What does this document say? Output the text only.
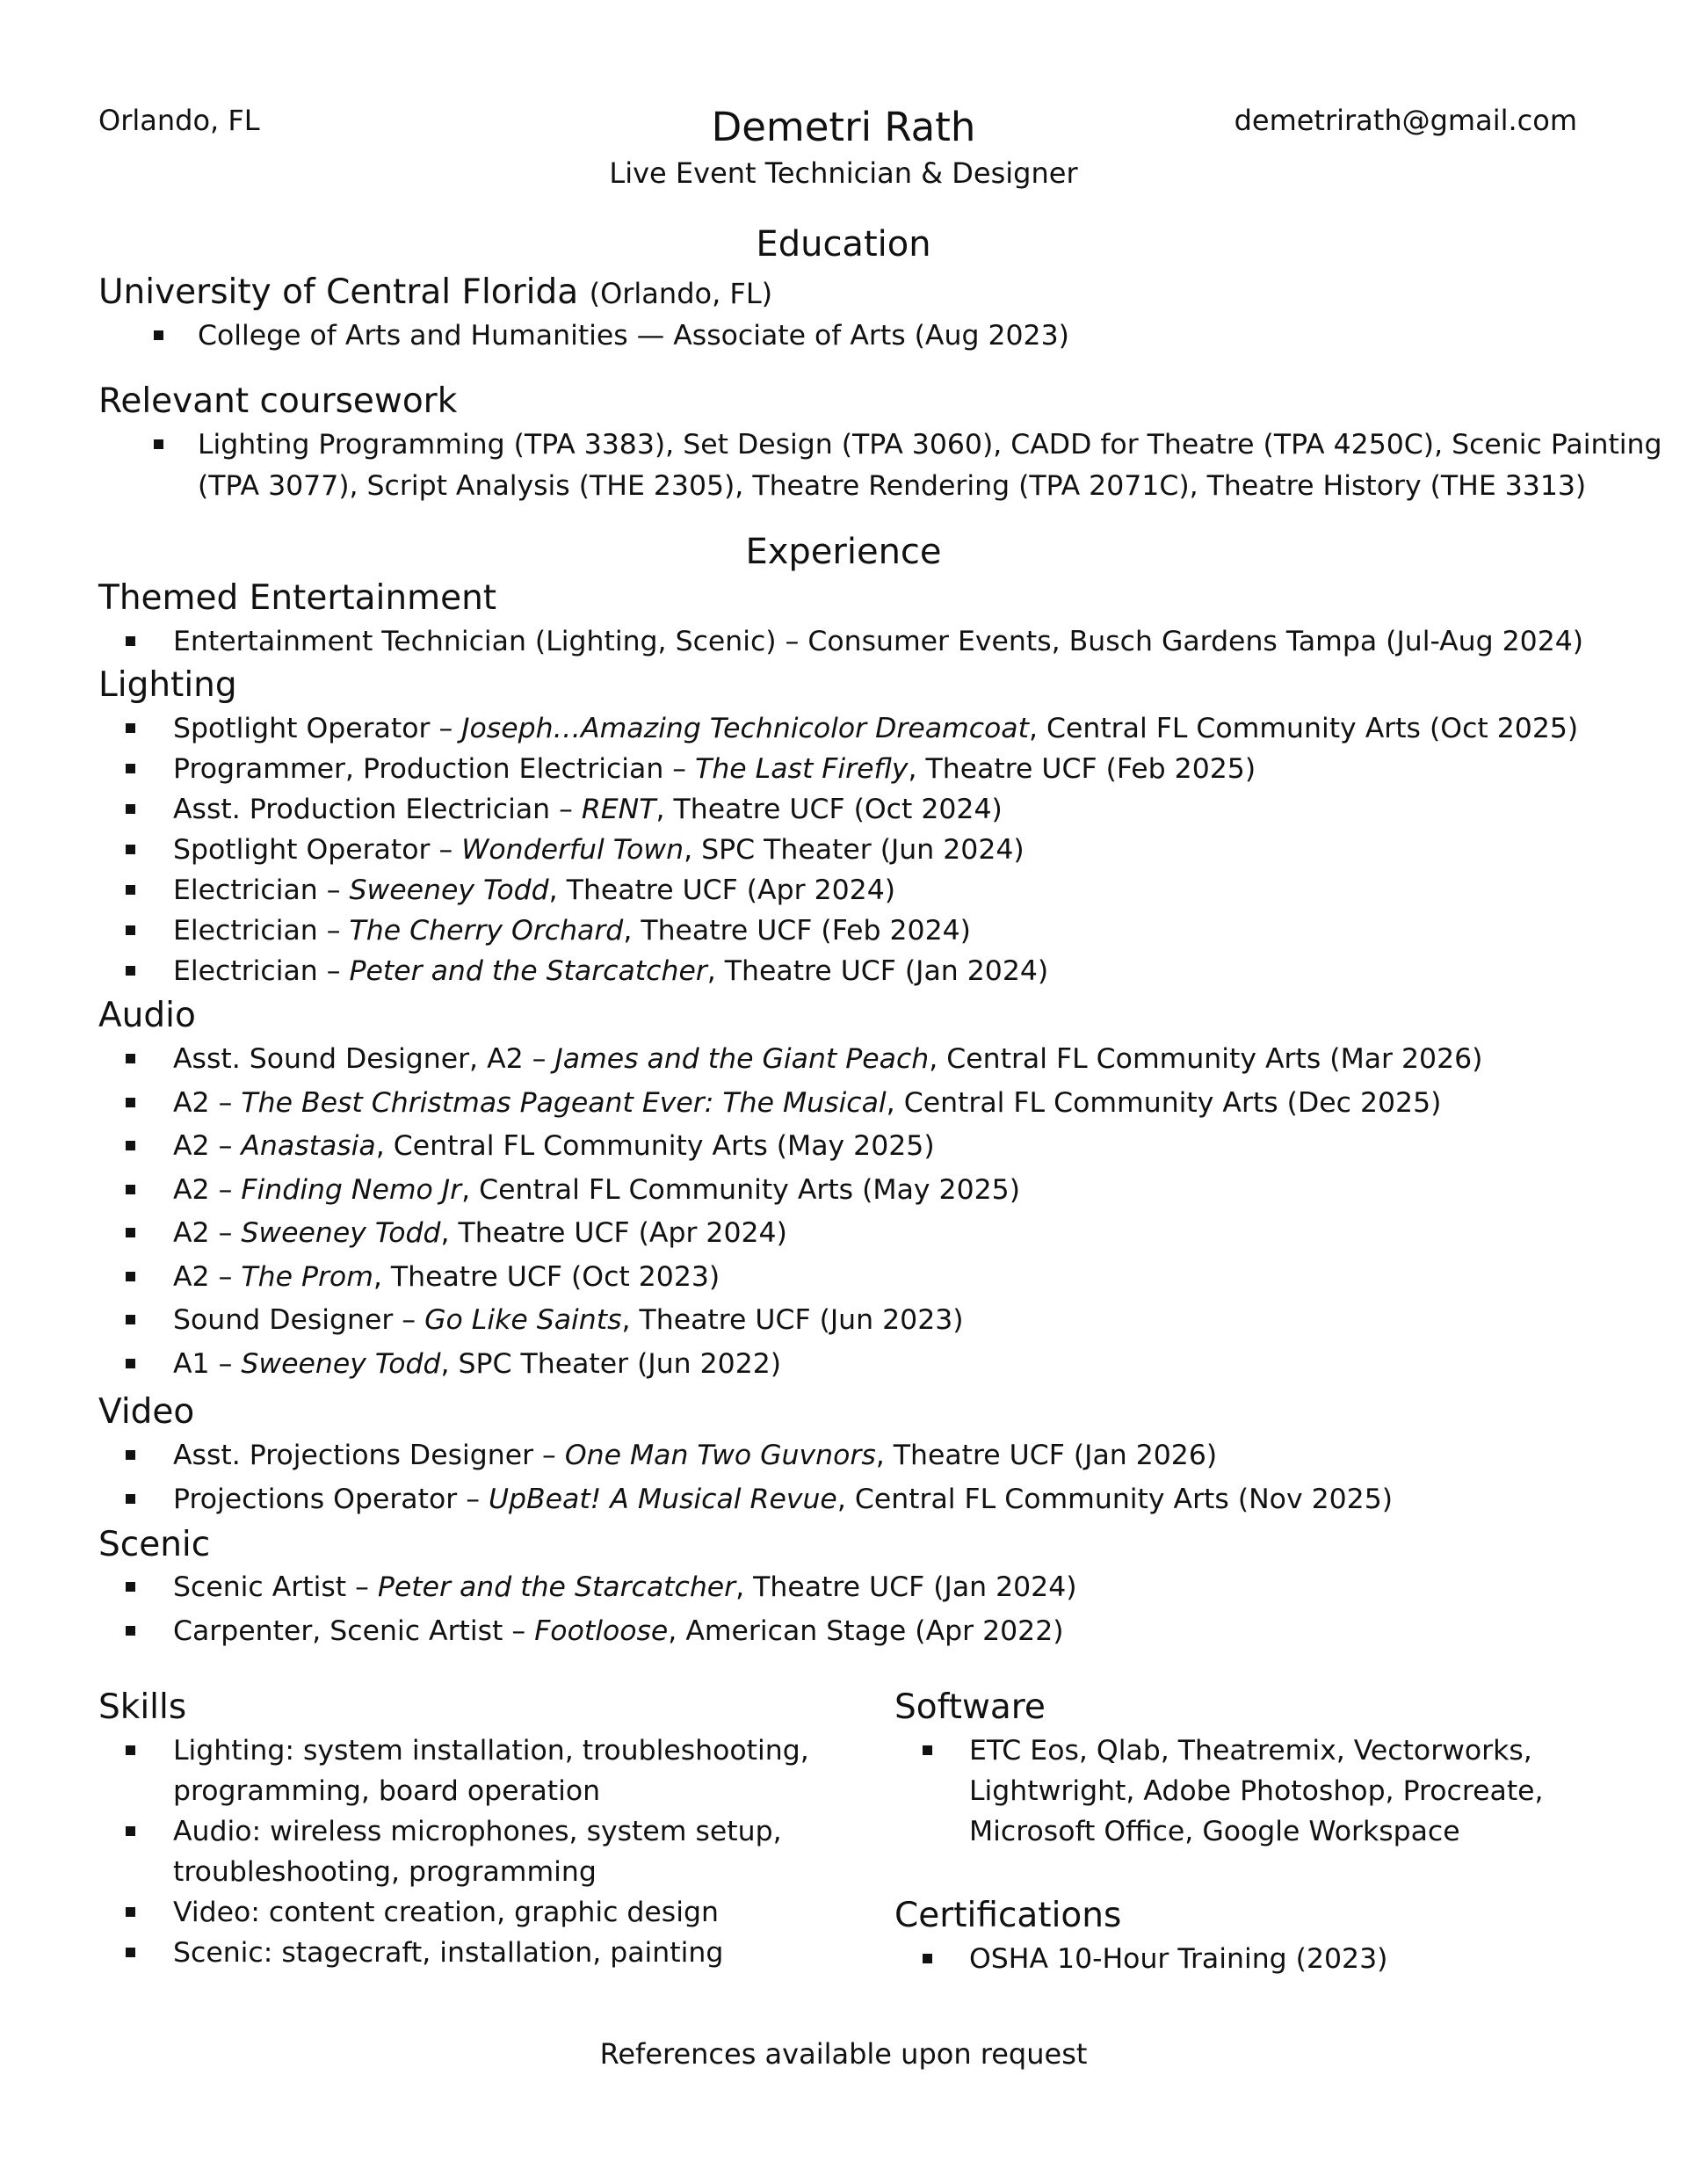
Orlando, FL	Demetri Rath	demetrirath@gmail.com
Live Event Technician & Designer
Education
University of Central Florida (Orlando, FL)
College of Arts and Humanities — Associate of Arts (Aug 2023)
Relevant coursework
Lighting Programming (TPA 3383), Set Design (TPA 3060), CADD for Theatre (TPA 4250C), Scenic Painting
(TPA 3077), Script Analysis (THE 2305), Theatre Rendering (TPA 2071C), Theatre History (THE 3313)
Experience
Themed Entertainment
Entertainment Technician (Lighting, Scenic) – Consumer Events, Busch Gardens Tampa (Jul-Aug 2024)
Lighting
Spotlight Operator – Joseph…Amazing Technicolor Dreamcoat, Central FL Community Arts (Oct 2025)
Programmer, Production Electrician – The Last Firefly, Theatre UCF (Feb 2025)
Asst. Production Electrician – RENT, Theatre UCF (Oct 2024)
Spotlight Operator – Wonderful Town, SPC Theater (Jun 2024)
Electrician – Sweeney Todd, Theatre UCF (Apr 2024)
Electrician – The Cherry Orchard, Theatre UCF (Feb 2024)
Electrician – Peter and the Starcatcher, Theatre UCF (Jan 2024)
Audio
Asst. Sound Designer, A2 – James and the Giant Peach, Central FL Community Arts (Mar 2026)
A2 – The Best Christmas Pageant Ever: The Musical, Central FL Community Arts (Dec 2025)
A2 – Anastasia, Central FL Community Arts (May 2025)
A2 – Finding Nemo Jr, Central FL Community Arts (May 2025)
A2 – Sweeney Todd, Theatre UCF (Apr 2024)
A2 – The Prom, Theatre UCF (Oct 2023)
Sound Designer – Go Like Saints, Theatre UCF (Jun 2023)
A1 – Sweeney Todd, SPC Theater (Jun 2022)
Video
Asst. Projections Designer – One Man Two Guvnors, Theatre UCF (Jan 2026)
Projections Operator – UpBeat! A Musical Revue, Central FL Community Arts (Nov 2025)
Scenic
Scenic Artist – Peter and the Starcatcher, Theatre UCF (Jan 2024)
Carpenter, Scenic Artist – Footloose, American Stage (Apr 2022)
Skills
Lighting: system installation, troubleshooting,
programming, board operation
Audio: wireless microphones, system setup,
troubleshooting, programming
Video: content creation, graphic design
Scenic: stagecraft, installation, painting
Software
ETC Eos, Qlab, Theatremix, Vectorworks,
Lightwright, Adobe Photoshop, Procreate,
Microsoft Office, Google Workspace
Certifications
OSHA 10-Hour Training (2023)
References available upon request
